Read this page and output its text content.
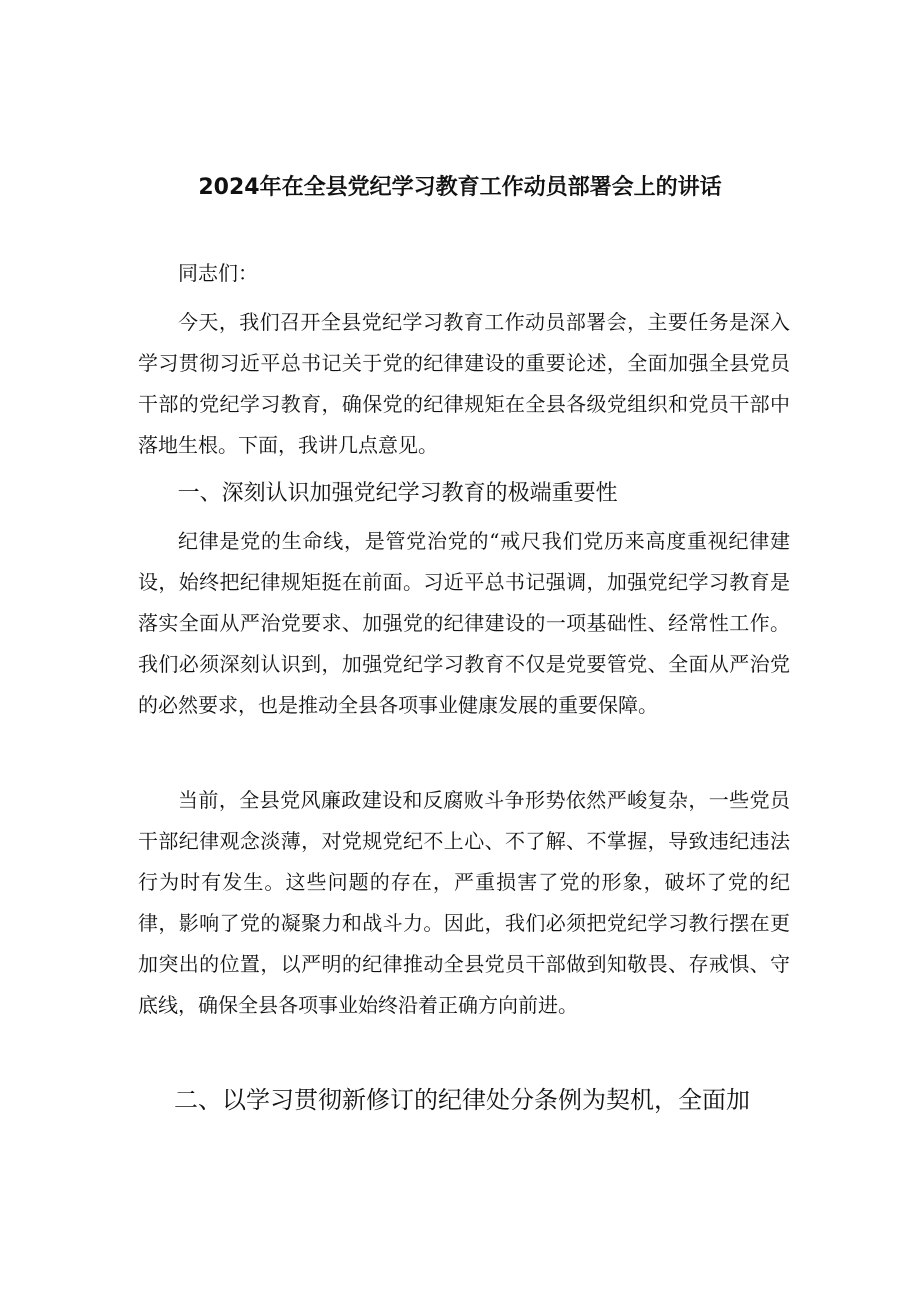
2024年在全县党纪学习教育工作动员部署会上的讲话

同志们：

今天，我们召开全县党纪学习教育工作动员部署会，主要任务是深入学习贯彻习近平总书记关于党的纪律建设的重要论述，全面加强全县党员干部的党纪学习教育，确保党的纪律规矩在全县各级党组织和党员干部中落地生根。下面，我讲几点意见。

一、深刻认识加强党纪学习教育的极端重要性

纪律是党的生命线，是管党治党的“戒尺我们党历来高度重视纪律建设，始终把纪律规矩挺在前面。习近平总书记强调，加强党纪学习教育是落实全面从严治党要求、加强党的纪律建设的一项基础性、经常性工作。我们必须深刻认识到，加强党纪学习教育不仅是党要管党、全面从严治党的必然要求，也是推动全县各项事业健康发展的重要保障。

当前，全县党风廉政建设和反腐败斗争形势依然严峻复杂，一些党员干部纪律观念淡薄，对党规党纪不上心、不了解、不掌握，导致违纪违法行为时有发生。这些问题的存在，严重损害了党的形象，破坏了党的纪律，影响了党的凝聚力和战斗力。因此，我们必须把党纪学习教行摆在更加突出的位置，以严明的纪律推动全县党员干部做到知敬畏、存戒惧、守底线，确保全县各项事业始终沿着正确方向前进。

二、以学习贯彻新修订的纪律处分条例为契机，全面加
